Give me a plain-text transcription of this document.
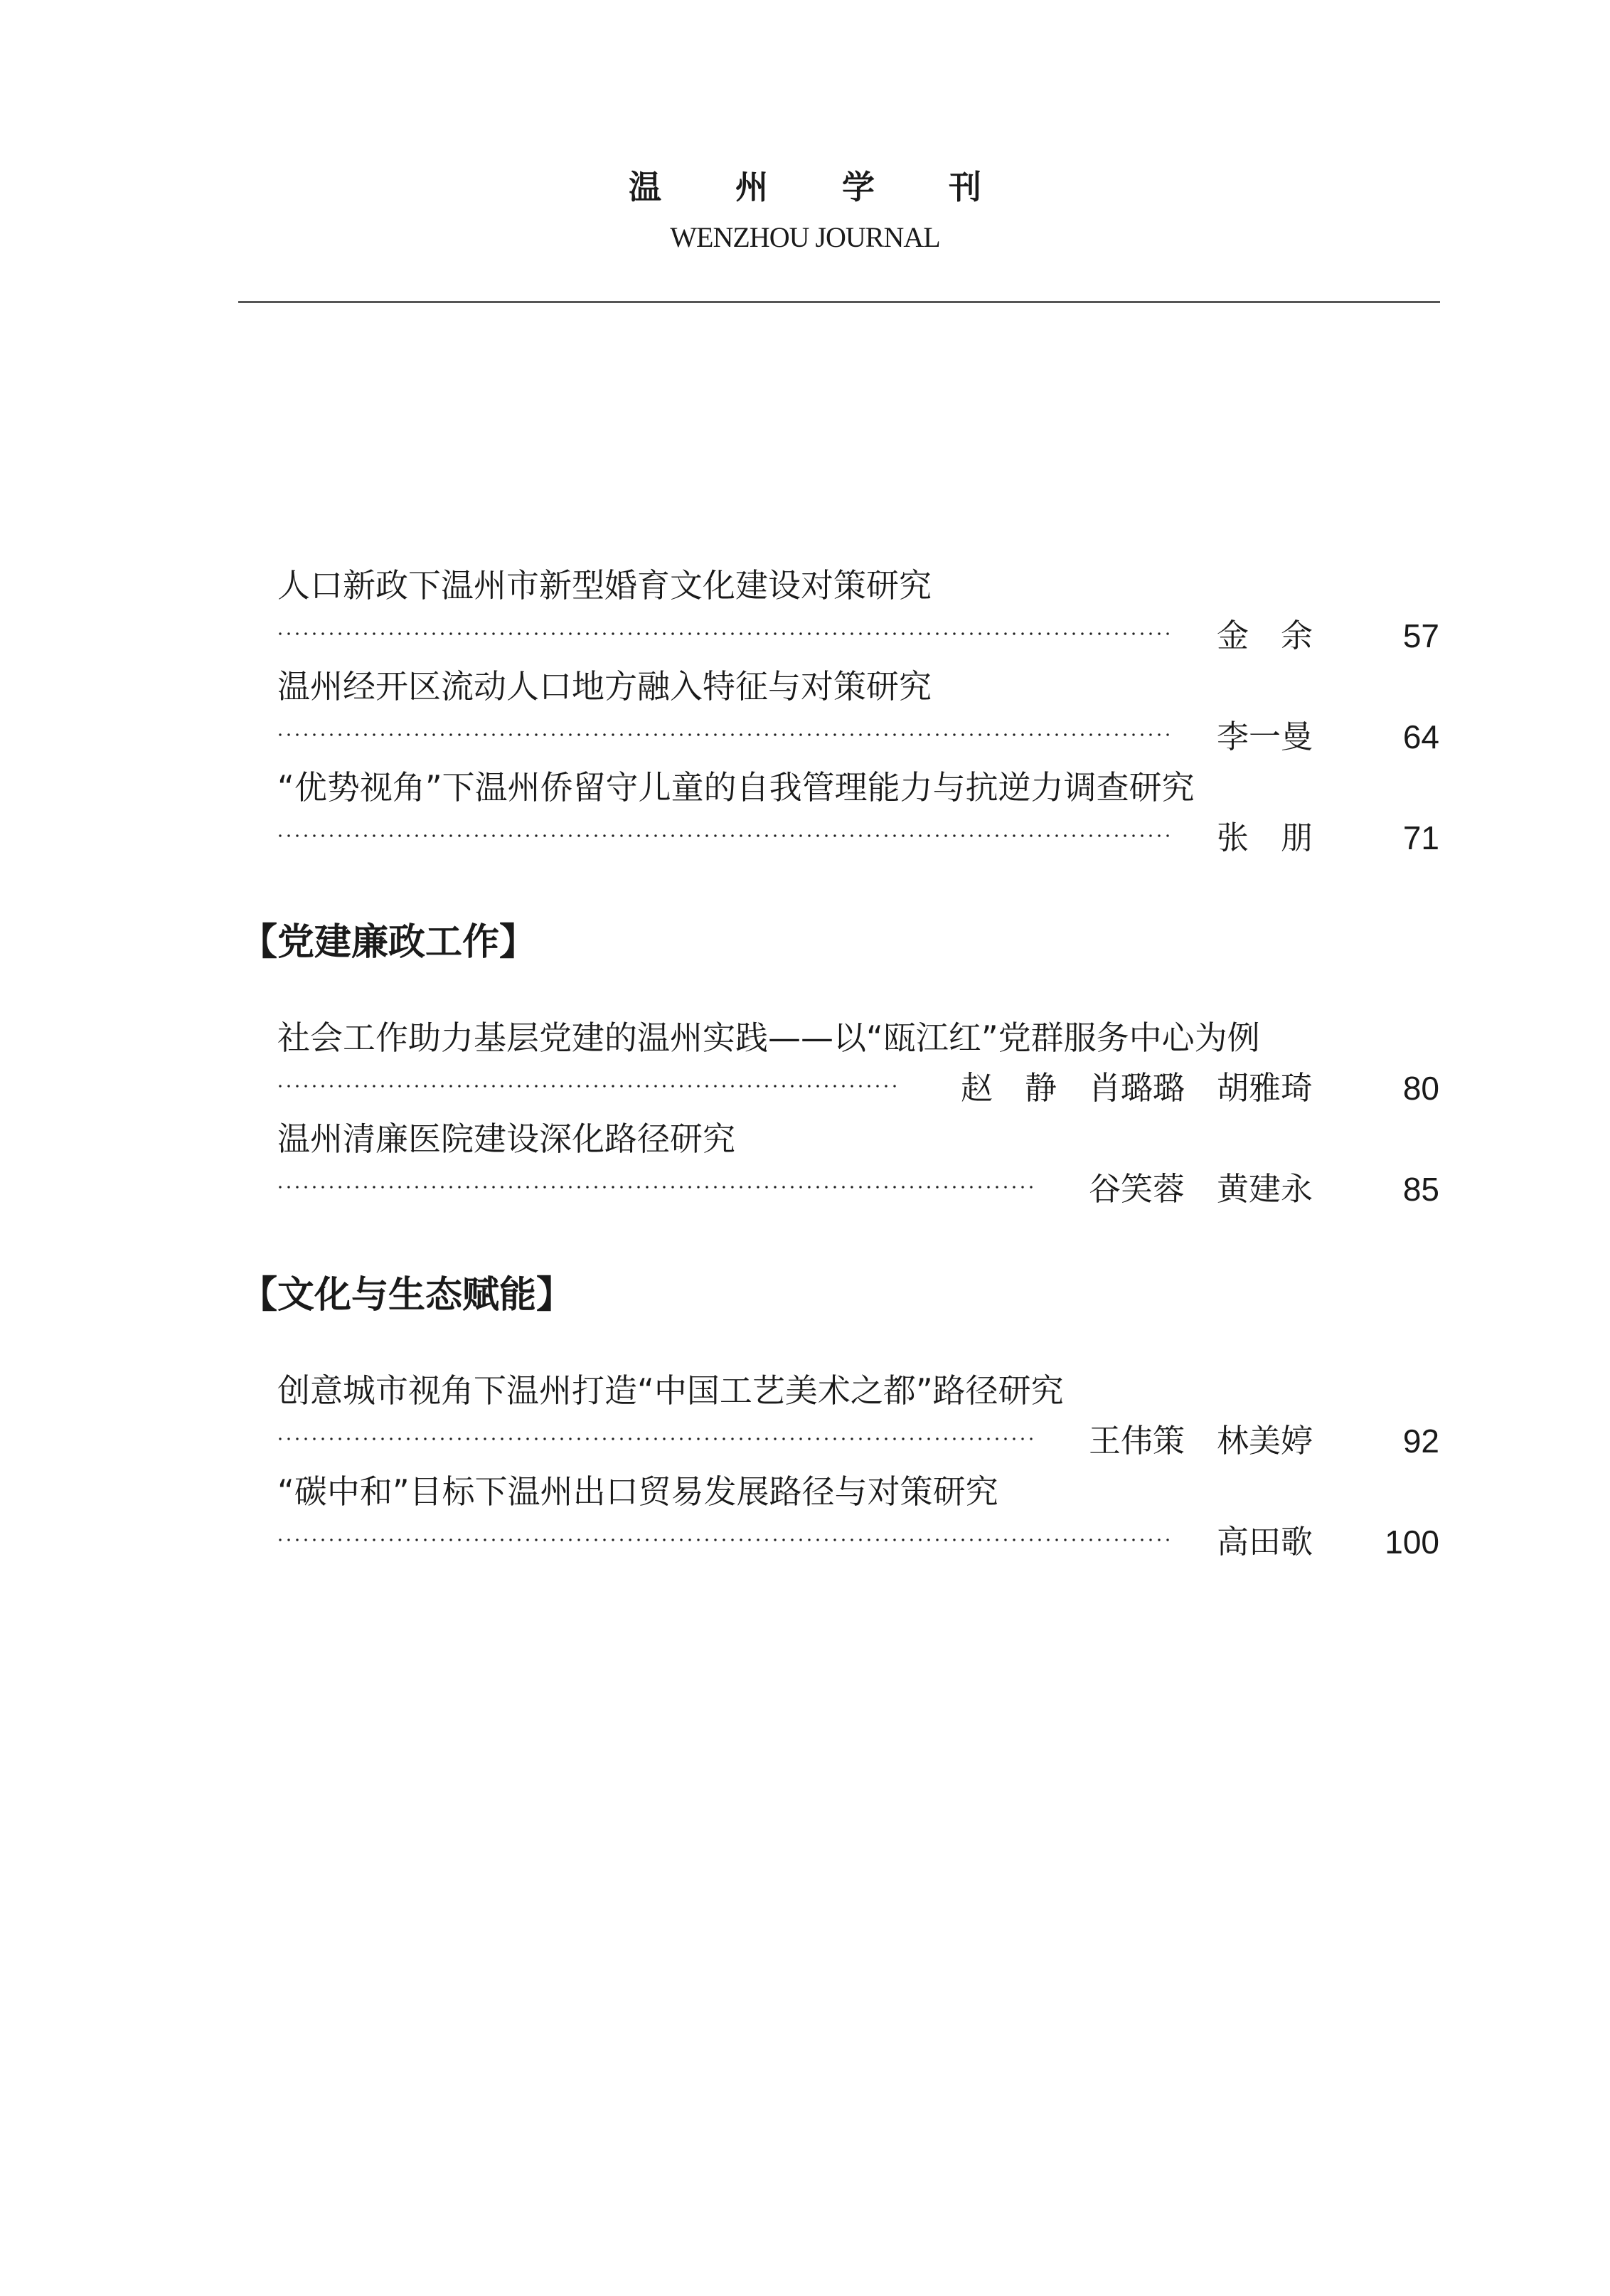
温 州 学 刊
WENZHOU JOURNAL
人口新政下温州市新型婚育文化建设对策研究
金　余	57
温州经开区流动人口地方融入特征与对策研究
李一曼	64
“优势视角”下温州侨留守儿童的自我管理能力与抗逆力调查研究
张　朋	71
【党建廉政工作】
社会工作助力基层党建的温州实践——以“瓯江红”党群服务中心为例
赵　静　肖璐璐　胡雅琦	80
温州清廉医院建设深化路径研究
谷笑蓉　黄建永	85
【文化与生态赋能】
创意城市视角下温州打造“中国工艺美术之都”路径研究
王伟策　林美婷	92
“碳中和”目标下温州出口贸易发展路径与对策研究
高田歌 100
